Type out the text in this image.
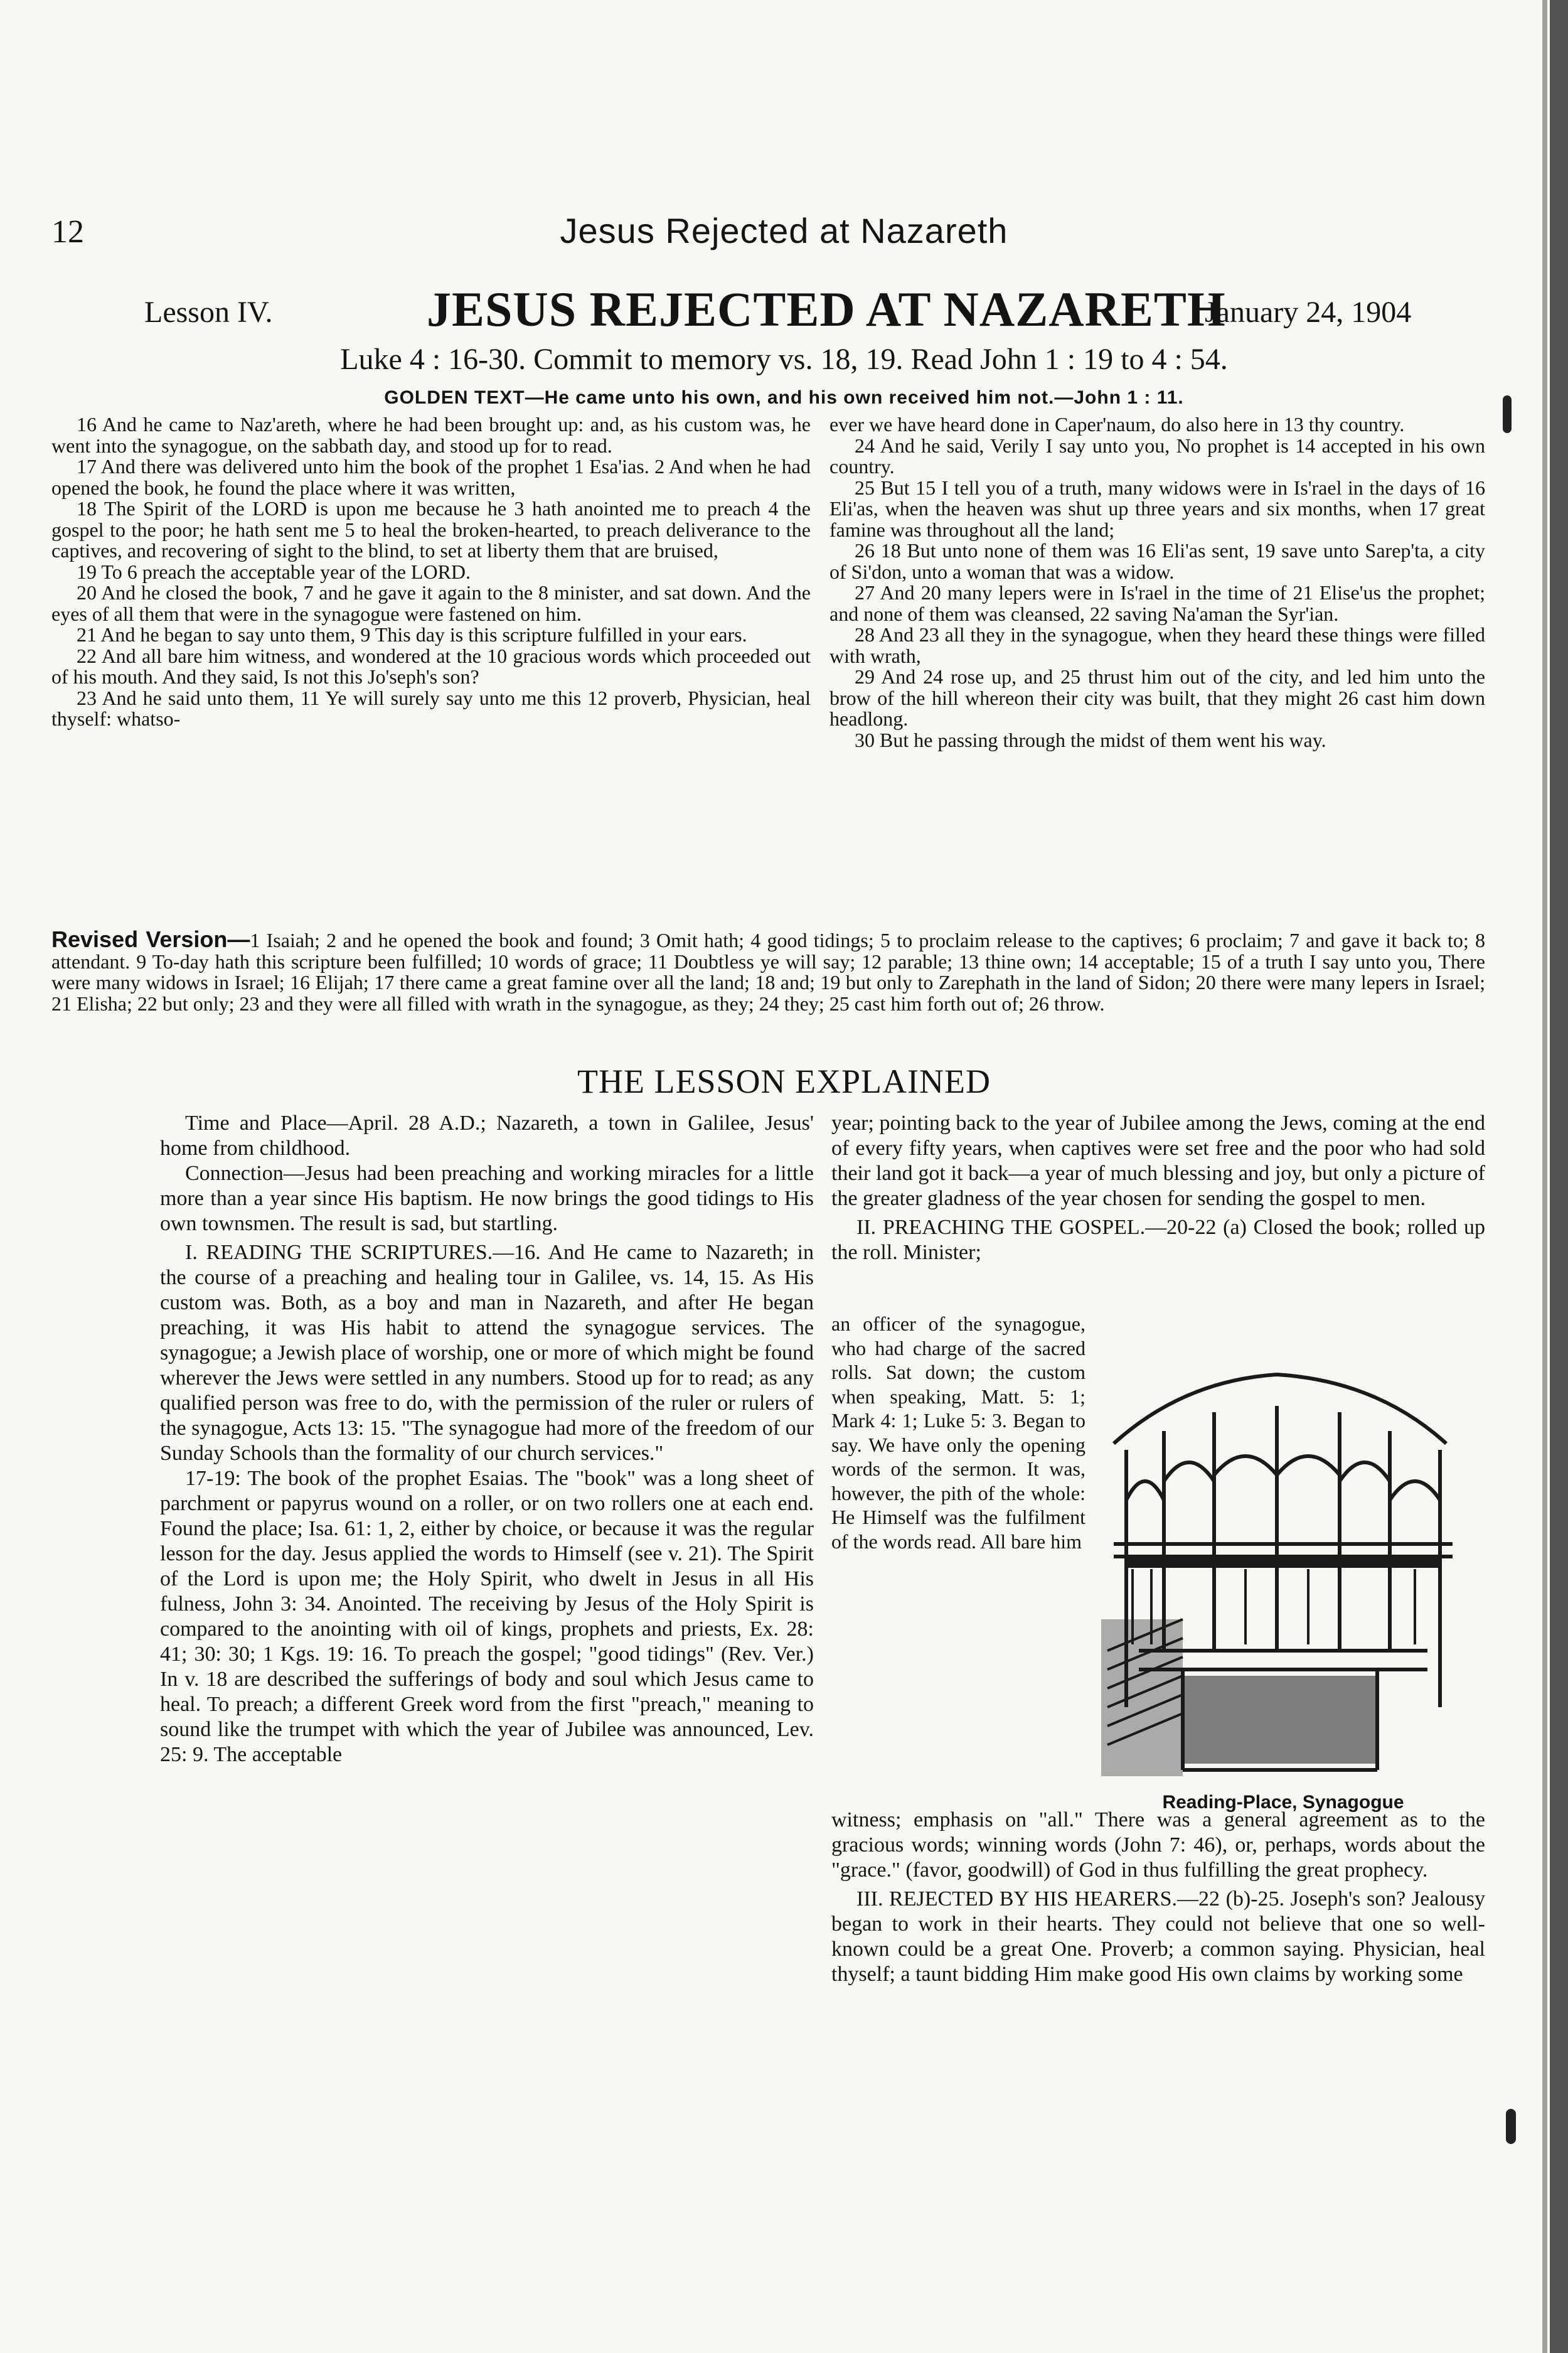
12	Jesus Rejected at Nazareth
Lesson IV.	JESUS REJECTED AT NAZARETH
January 24, 1904
Luke 4 : 16-30. Commit to memory vs. 18, 19. Read John 1 : 19 to 4 : 54.
GOLDEN TEXT—He came unto his own, and his own received him not.—John 1 : 11.

16 And he came to Naz'areth, where he had been brought up: and, as his custom was, he went into the synagogue, on the sabbath day, and stood up for to read.

17 And there was delivered unto him the book of the prophet 1 Esa'ias. 2 And when he had opened the book, he found the place where it was written,

18 The Spirit of the LORD is upon me because he 3 hath anointed me to preach 4 the gospel to the poor; he hath sent me 5 to heal the broken-hearted, to preach deliverance to the captives, and recovering of sight to the blind, to set at liberty them that are bruised,

19 To 6 preach the acceptable year of the LORD.

20 And he closed the book, 7 and he gave it again to the 8 minister, and sat down. And the eyes of all them that were in the synagogue were fastened on him.

21 And he began to say unto them, 9 This day is this scripture fulfilled in your ears.

22 And all bare him witness, and wondered at the 10 gracious words which proceeded out of his mouth. And they said, Is not this Jo'seph's son?

23 And he said unto them, 11 Ye will surely say unto me this 12 proverb, Physician, heal thyself: whatso-

ever we have heard done in Caper'naum, do also here in 13 thy country.

24 And he said, Verily I say unto you, No prophet is 14 accepted in his own country.

25 But 15 I tell you of a truth, many widows were in Is'rael in the days of 16 Eli'as, when the heaven was shut up three years and six months, when 17 great famine was throughout all the land;

26 18 But unto none of them was 16 Eli'as sent, 19 save unto Sarep'ta, a city of Si'don, unto a woman that was a widow.

27 And 20 many lepers were in Is'rael in the time of 21 Elise'us the prophet; and none of them was cleansed, 22 saving Na'aman the Syr'ian.

28 And 23 all they in the synagogue, when they heard these things were filled with wrath,

29 And 24 rose up, and 25 thrust him out of the city, and led him unto the brow of the hill whereon their city was built, that they might 26 cast him down headlong.

30 But he passing through the midst of them went his way.

Revised Version—1 Isaiah; 2 and he opened the book and found; 3 Omit hath; 4 good tidings; 5 to proclaim release to the captives; 6 proclaim; 7 and gave it back to; 8 attendant. 9 To-day hath this scripture been fulfilled; 10 words of grace; 11 Doubtless ye will say; 12 parable; 13 thine own; 14 acceptable; 15 of a truth I say unto you, There were many widows in Israel; 16 Elijah; 17 there came a great famine over all the land; 18 and; 19 but only to Zarephath in the land of Sidon; 20 there were many lepers in Israel; 21 Elisha; 22 but only; 23 and they were all filled with wrath in the synagogue, as they; 24 they; 25 cast him forth out of; 26 throw.
THE LESSON EXPLAINED

Time and Place—April. 28 A.D.; Nazareth, a town in Galilee, Jesus' home from childhood.

Connection—Jesus had been preaching and working miracles for a little more than a year since His baptism. He now brings the good tidings to His own townsmen. The result is sad, but startling.

I. READING THE SCRIPTURES.—16. And He came to Nazareth; in the course of a preaching and healing tour in Galilee, vs. 14, 15. As His custom was. Both, as a boy and man in Nazareth, and after He began preaching, it was His habit to attend the synagogue services. The synagogue; a Jewish place of worship, one or more of which might be found wherever the Jews were settled in any numbers. Stood up for to read; as any qualified person was free to do, with the permission of the ruler or rulers of the synagogue, Acts 13: 15. "The synagogue had more of the freedom of our Sunday Schools than the formality of our church services."

17-19: The book of the prophet Esaias. The "book" was a long sheet of parchment or papyrus wound on a roller, or on two rollers one at each end. Found the place; Isa. 61: 1, 2, either by choice, or because it was the regular lesson for the day. Jesus applied the words to Himself (see v. 21). The Spirit of the Lord is upon me; the Holy Spirit, who dwelt in Jesus in all His fulness, John 3: 34. Anointed. The receiving by Jesus of the Holy Spirit is compared to the anointing with oil of kings, prophets and priests, Ex. 28: 41; 30: 30; 1 Kgs. 19: 16. To preach the gospel; "good tidings" (Rev. Ver.) In v. 18 are described the sufferings of body and soul which Jesus came to heal. To preach; a different Greek word from the first "preach," meaning to sound like the trumpet with which the year of Jubilee was announced, Lev. 25: 9. The acceptable

year; pointing back to the year of Jubilee among the Jews, coming at the end of every fifty years, when captives were set free and the poor who had sold their land got it back—a year of much blessing and joy, but only a picture of the greater gladness of the year chosen for sending the gospel to men.

II. PREACHING THE GOSPEL.—20-22 (a) Closed the book; rolled up the roll. Minister;

an officer of the synagogue, who had charge of the sacred rolls. Sat down; the custom when speaking, Matt. 5: 1; Mark 4: 1; Luke 5: 3. Began to say. We have only the opening words of the sermon. It was, however, the pith of the whole: He Himself was the fulfilment of the words read. All bare him
Reading-Place, Synagogue

witness; emphasis on "all." There was a general agreement as to the gracious words; winning words (John 7: 46), or, perhaps, words about the "grace." (favor, goodwill) of God in thus fulfilling the great prophecy.

III. REJECTED BY HIS HEARERS.—22 (b)-25. Joseph's son? Jealousy began to work in their hearts. They could not believe that one so well-known could be a great One. Proverb; a common saying. Physician, heal thyself; a taunt bidding Him make good His own claims by working some
